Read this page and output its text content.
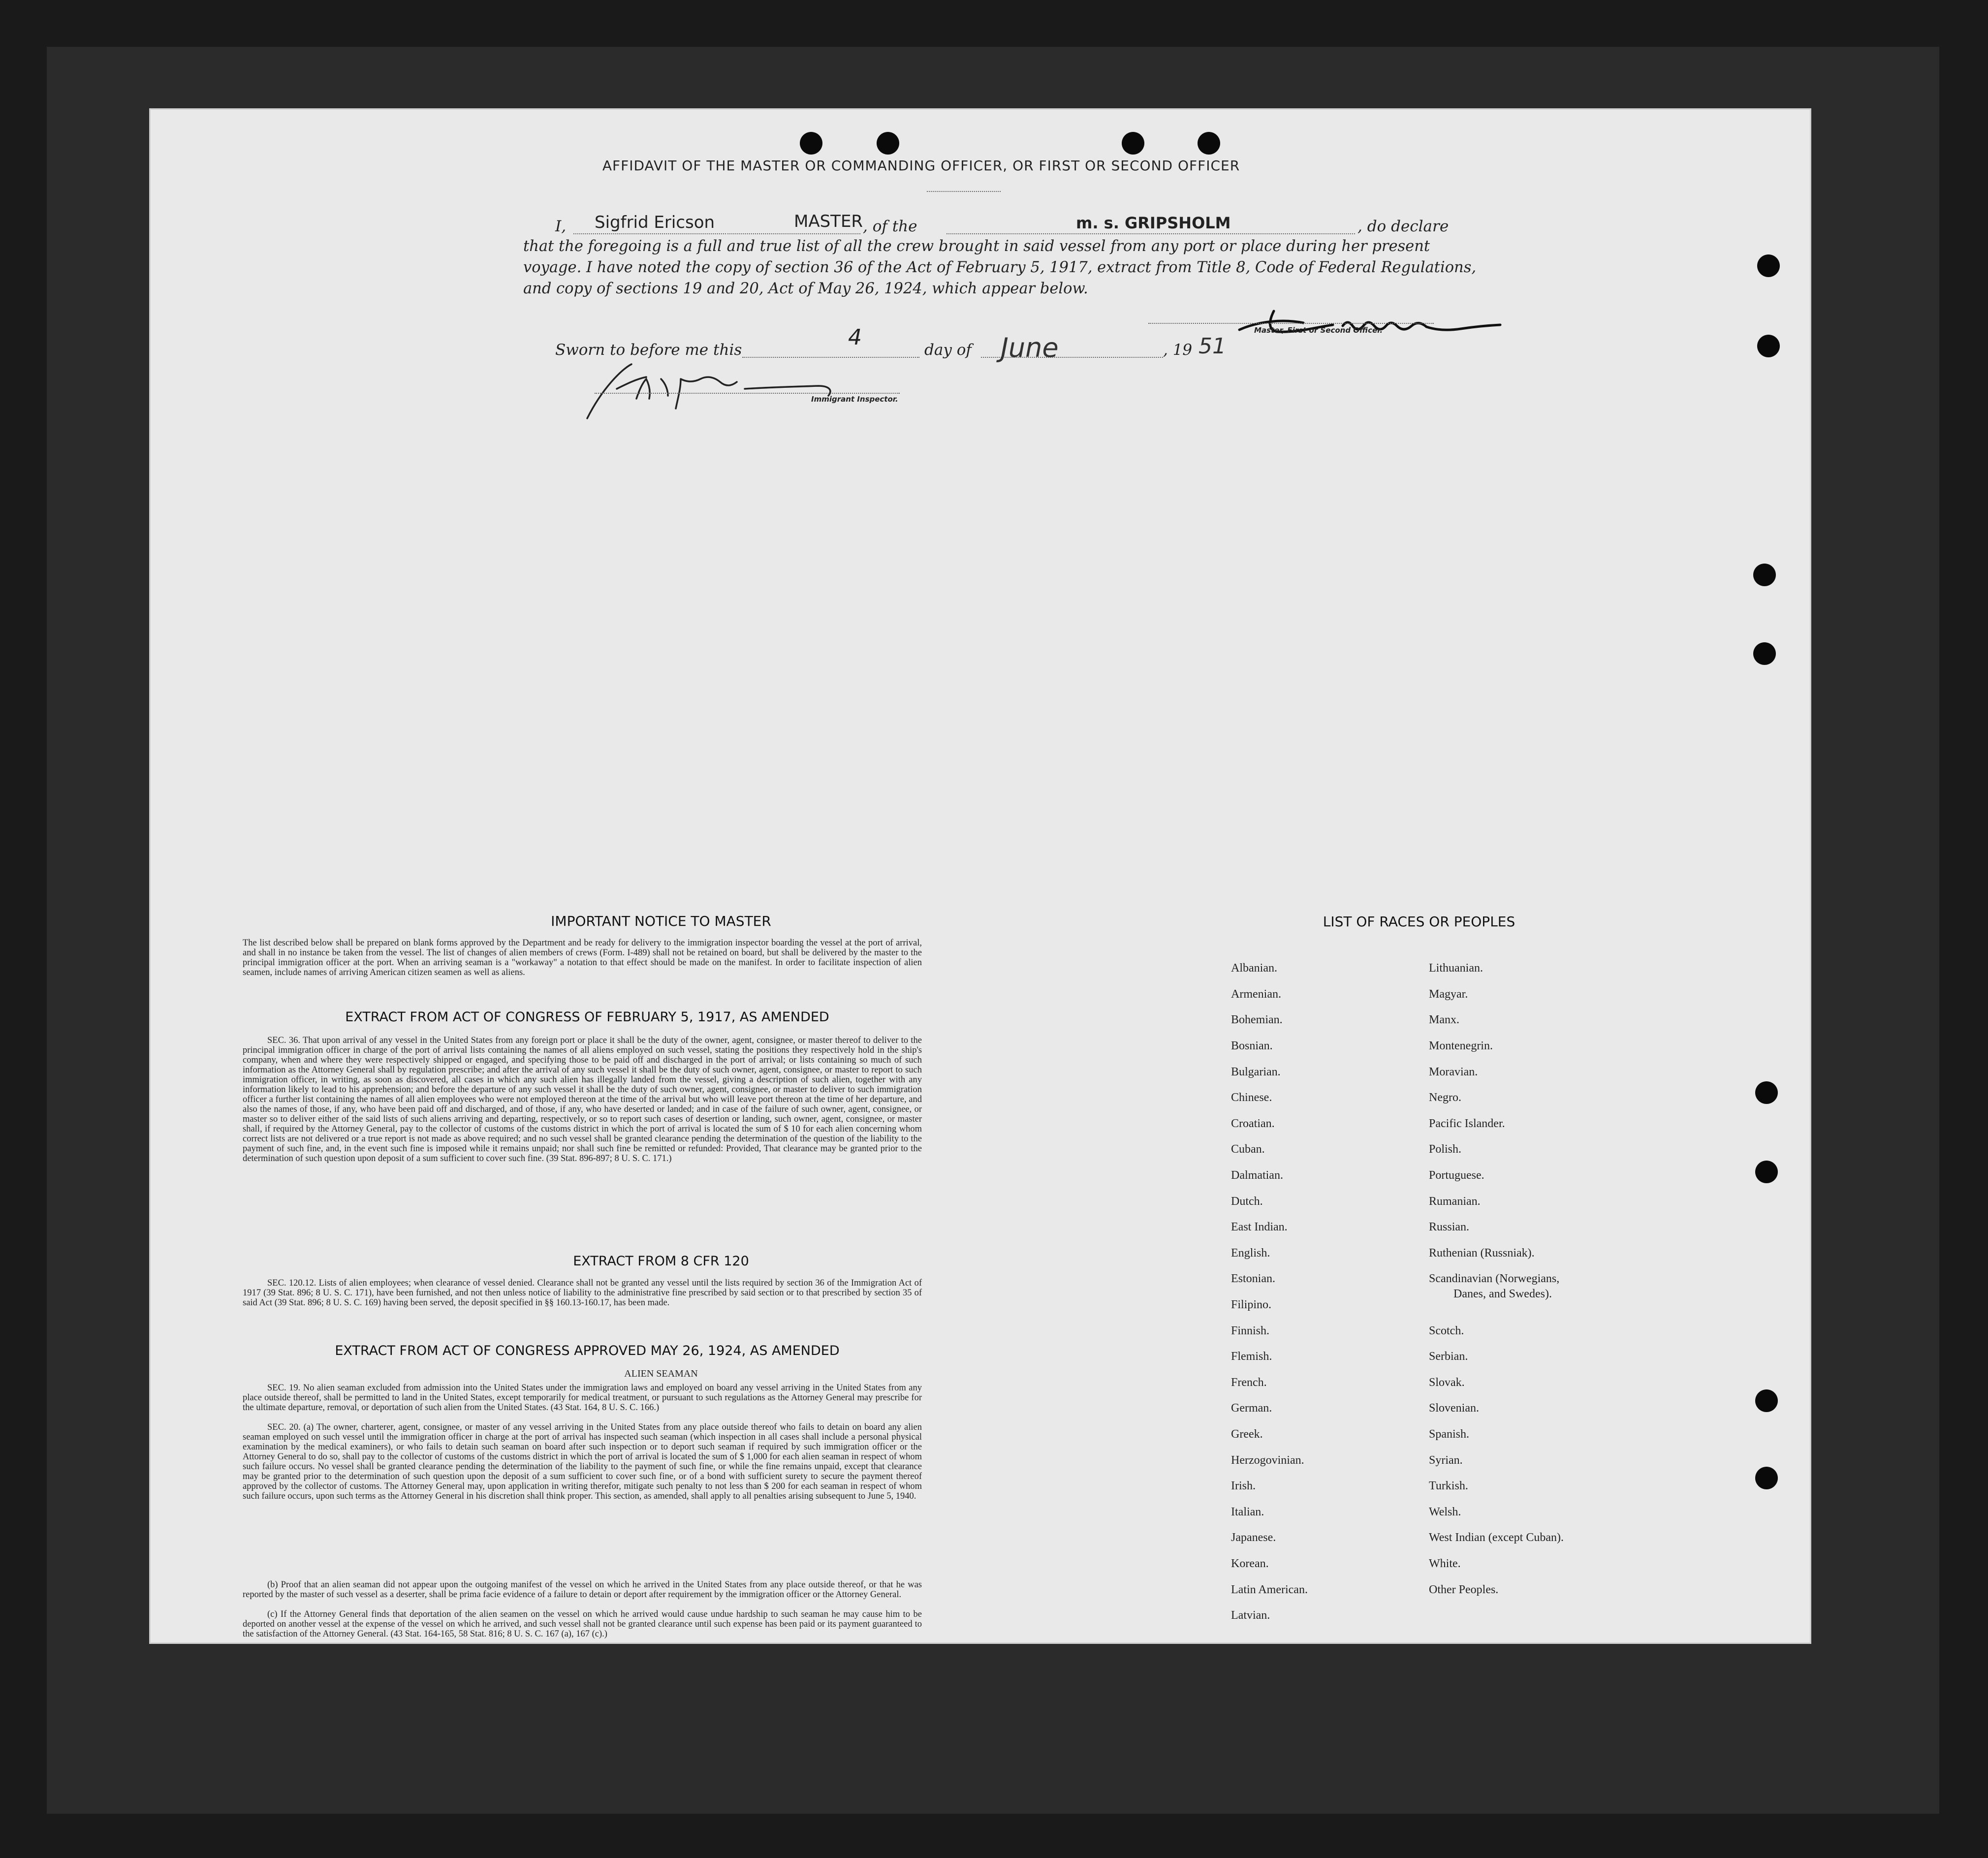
AFFIDAVIT OF THE MASTER OR COMMANDING OFFICER, OR FIRST OR SECOND OFFICER
I, Sigfrid Ericson	MASTER , of the	m. s. GRIPSHOLM	, do declare
that the foregoing is a full and true list of all the crew brought in said vessel from any port or place during her present
voyage. I have noted the copy of section 36 of the Act of February 5, 1917, extract from Title 8, Code of Federal Regulations,
and copy of sections 19 and 20, Act of May 26, 1924, which appear below.
Master, First or Second Officer.
Sworn to before me this	4	day of June	, 19 51
Immigrant Inspector.
IMPORTANT NOTICE TO MASTER
The list described below shall be prepared on blank forms approved by the Department and be ready for delivery to the immigration inspector boarding the vessel at the port of arrival, and shall in no instance be taken from the vessel. The list of changes of alien members of crews (Form. I-489) shall not be retained on board, but shall be delivered by the master to the principal immigration officer at the port. When an arriving seaman is a "workaway" a notation to that effect should be made on the manifest. In order to facilitate inspection of alien seamen, include names of arriving American citizen seamen as well as aliens.
EXTRACT FROM ACT OF CONGRESS OF FEBRUARY 5, 1917, AS AMENDED
SEC. 36. That upon arrival of any vessel in the United States from any foreign port or place it shall be the duty of the owner, agent, consignee, or master thereof to deliver to the principal immigration officer in charge of the port of arrival lists containing the names of all aliens employed on such vessel, stating the positions they respectively hold in the ship's company, when and where they were respectively shipped or engaged, and specifying those to be paid off and discharged in the port of arrival; or lists containing so much of such information as the Attorney General shall by regulation prescribe; and after the arrival of any such vessel it shall be the duty of such owner, agent, consignee, or master to report to such immigration officer, in writing, as soon as discovered, all cases in which any such alien has illegally landed from the vessel, giving a description of such alien, together with any information likely to lead to his apprehension; and before the departure of any such vessel it shall be the duty of such owner, agent, consignee, or master to deliver to such immigration officer a further list containing the names of all alien employees who were not employed thereon at the time of the arrival but who will leave port thereon at the time of her departure, and also the names of those, if any, who have been paid off and discharged, and of those, if any, who have deserted or landed; and in case of the failure of such owner, agent, consignee, or master so to deliver either of the said lists of such aliens arriving and departing, respectively, or so to report such cases of desertion or landing, such owner, agent, consignee, or master shall, if required by the Attorney General, pay to the collector of customs of the customs district in which the port of arrival is located the sum of $ 10 for each alien concerning whom correct lists are not delivered or a true report is not made as above required; and no such vessel shall be granted clearance pending the determination of the question of the liability to the payment of such fine, and, in the event such fine is imposed while it remains unpaid; nor shall such fine be remitted or refunded: Provided, That clearance may be granted prior to the determination of such question upon deposit of a sum sufficient to cover such fine. (39 Stat. 896-897; 8 U. S. C. 171.)
EXTRACT FROM 8 CFR 120
SEC. 120.12. Lists of alien employees; when clearance of vessel denied. Clearance shall not be granted any vessel until the lists required by section 36 of the Immigration Act of 1917 (39 Stat. 896; 8 U. S. C. 171), have been furnished, and not then unless notice of liability to the administrative fine prescribed by said section or to that prescribed by section 35 of said Act (39 Stat. 896; 8 U. S. C. 169) having been served, the deposit specified in §§ 160.13-160.17, has been made.
EXTRACT FROM ACT OF CONGRESS APPROVED MAY 26, 1924, AS AMENDED
ALIEN SEAMAN
SEC. 19. No alien seaman excluded from admission into the United States under the immigration laws and employed on board any vessel arriving in the United States from any place outside thereof, shall be permitted to land in the United States, except temporarily for medical treatment, or pursuant to such regulations as the Attorney General may prescribe for the ultimate departure, removal, or deportation of such alien from the United States. (43 Stat. 164, 8 U. S. C. 166.)
SEC. 20. (a) The owner, charterer, agent, consignee, or master of any vessel arriving in the United States from any place outside thereof who fails to detain on board any alien seaman employed on such vessel until the immigration officer in charge at the port of arrival has inspected such seaman (which inspection in all cases shall include a personal physical examination by the medical examiners), or who fails to detain such seaman on board after such inspection or to deport such seaman if required by such immigration officer or the Attorney General to do so, shall pay to the collector of customs of the customs district in which the port of arrival is located the sum of $ 1,000 for each alien seaman in respect of whom such failure occurs. No vessel shall be granted clearance pending the determination of the liability to the payment of such fine, or while the fine remains unpaid, except that clearance may be granted prior to the determination of such question upon the deposit of a sum sufficient to cover such fine, or of a bond with sufficient surety to secure the payment thereof approved by the collector of customs. The Attorney General may, upon application in writing therefor, mitigate such penalty to not less than $ 200 for each seaman in respect of whom such failure occurs, upon such terms as the Attorney General in his discretion shall think proper. This section, as amended, shall apply to all penalties arising subsequent to June 5, 1940.
(b) Proof that an alien seaman did not appear upon the outgoing manifest of the vessel on which he arrived in the United States from any place outside thereof, or that he was reported by the master of such vessel as a deserter, shall be prima facie evidence of a failure to detain or deport after requirement by the immigration officer or the Attorney General.
(c) If the Attorney General finds that deportation of the alien seamen on the vessel on which he arrived would cause undue hardship to such seaman he may cause him to be deported on another vessel at the expense of the vessel on which he arrived, and such vessel shall not be granted clearance until such expense has been paid or its payment guaranteed to the satisfaction of the Attorney General. (43 Stat. 164-165, 58 Stat. 816; 8 U. S. C. 167 (a), 167 (c).)
LIST OF RACES OR PEOPLES
Albanian.
Armenian.
Bohemian.
Bosnian.
Bulgarian.
Chinese.
Croatian.
Cuban.
Dalmatian.
Dutch.
East Indian.
English.
Estonian.
Filipino.
Finnish.
Flemish.
French.
German.
Greek.
Herzogovinian.
Irish.
Italian.
Japanese.
Korean.
Latin American.
Latvian.
Lithuanian.
Magyar.
Manx.
Montenegrin.
Moravian.
Negro.
Pacific Islander.
Polish.
Portuguese.
Rumanian.
Russian.
Ruthenian (Russniak).
Scandinavian (Norwegians,
Danes, and Swedes).
Scotch.
Serbian.
Slovak.
Slovenian.
Spanish.
Syrian.
Turkish.
Welsh.
West Indian (except Cuban).
White.
Other Peoples.
